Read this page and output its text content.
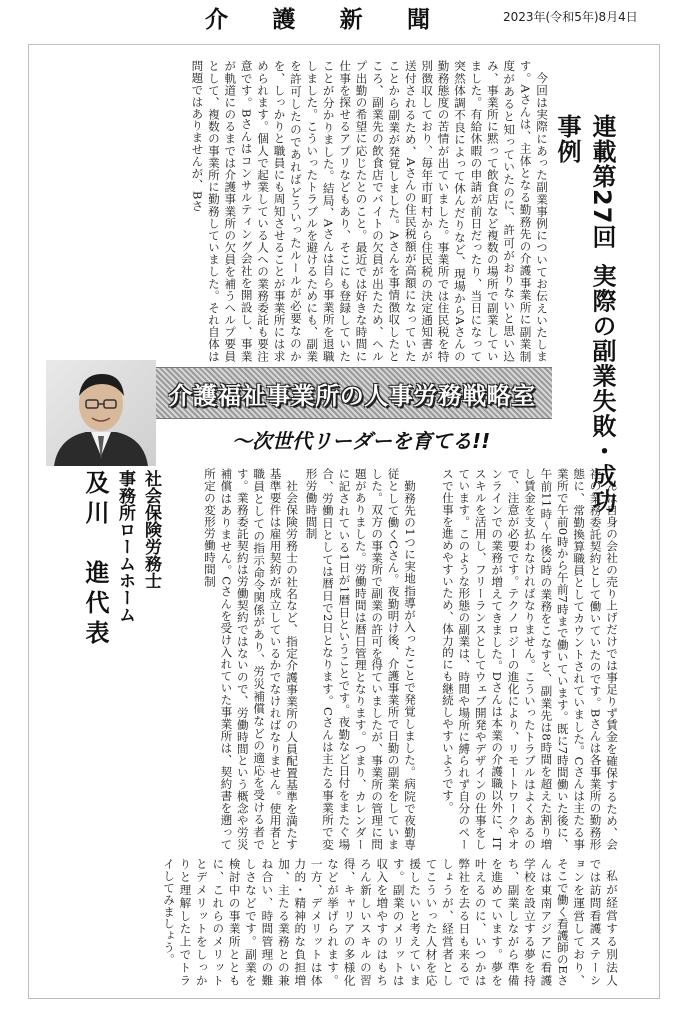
介 護 新 聞	2023年(令和5年)8月4日
連載第27回実際の副業失敗・成功事例

今回は実際にあった副業事例についてお伝えいたします。Aさんは、主体となる勤務先の介護事業所に副業制度があると知っていたのに、許可がおりないと思い込み、事業所に黙って飲食店など複数の場所で副業していました。有給休暇の申請が前日だったり、当日になって突然体調不良によって休んだりなど、現場からAさんの勤務態度の苦情が出ていました。事業所では住民税を特別徴収しており、毎年市町村から住民税の決定通知書が送付されるため、Aさんの住民税額が高額になっていたことから副業が発覚しました。Aさんを事情徴収したところ、副業先の飲食店でバイトの欠員が出たため、ヘルプ出勤の希望に応じたとのこと。最近では好きな時間に仕事を探せるアプリなどもあり、そこにも登録していたことが分かりました。結局、Aさんは自ら事業所を退職しました。こういったトラブルを避けるためにも、副業を許可したのであればどういったルールが必要なのかを、しっかりと職員にも周知させることが事業所には求められます。個人で起業している人への業務委託も要注意です。Bさんはコンサルティング会社を開設し、事業が軌道にのるまでは介護事業所の欠員を補うヘルプ要員として、複数の事業所に勤務していました。それ自体は問題ではありませんが、Bさ

介護福祉事業所の人事労務戦略室
〜次世代リーダーを育てる!!
社会保険労務士
事務所ロームホーム
及川　進代表	社会保険労務士の社名など、指定介護事業所の人員配置基準を満たす基準要件は雇用契約が成立しているかでなければなりません。使用者と職員としての指示命令関係があり、労災補償などの適応を受ける者です。業務委託契約は労働契約ではないので、労働時間という概念や労災補償はありません。Cさんを受け入れていた事業所は、契約書を遡って所定の変形労働時間制	勤務先の1つに実地指導が入ったことで発覚しました。病院で夜勤専従として働くCさん。夜勤明け後、介護事業所で日勤の副業をしていました。双方の事業所で副業の許可を得ていましたが、事業所の管理に問題がありました。労働時間は暦日管理となります。つまり、カレンダーに記されている1日が1暦日ということです。夜勤など日付をまたぐ場合、労働日としては暦日で2日となります。Cさんは主たる事業所で変形労働時間制	んは自身の会社の売り上げだけでは事足りず賃金を確保するため、会社の業務委託契約として働いていたのです。Bさんは各事業所の勤務形態に、常勤換算職員としてカウントされていました。Cさんは主たる事業所で午前0時から午前7時まで働いています。既に7時間働いた後に、午前11時〜午後3時の業務をこなすと、副業先は8時間を超えた割り増し賃金を支払わなければなりません。こういったトラブルはよくあるので、注意が必要です。テクノロジーの進化により、リモートワークやオンラインでの業務が増えてきました。Dさんは本業の介護職以外に、ITスキルを活用し、フリーランスとしてウェブ開発やデザインの仕事をしています。このような形態の副業は、時間や場所に縛られず自分のペースで仕事を進めやすいため、体力的にも継続しやすいようです。

私が経営する別法人では訪問看護ステーションを運営しており、そこで働く看護師のEさんは東南アジアに看護学校を設立する夢を持ち、副業しながら準備を進めています。夢を叶えるのに、いつかは弊社を去る日も来るでしょうが、経営者としてこういった人材を応援したいと考えています。副業のメリットは収入を増やすのはもちろん新しいスキルの習得、キャリアの多様化などが挙げられます。一方、デメリットは体力的・精神的な負担増加、主たる業務との兼ね合い、時間管理の難しさなどです。副業を検討中の事業所とともに、これらのメリットとデメリットをしっかりと理解した上でトライしてみましょう。
